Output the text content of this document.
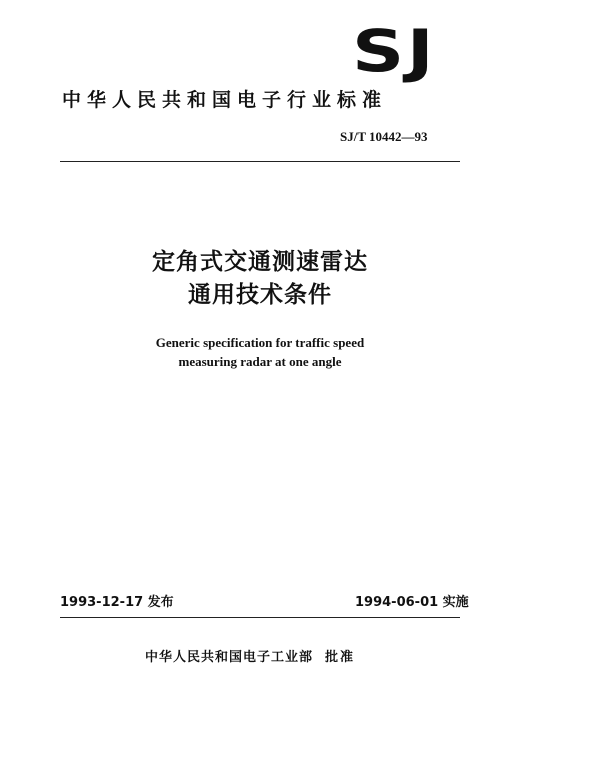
SJ
中华人民共和国电子行业标准
SJ/T 10442—93
定角式交通测速雷达
通用技术条件
Generic specification for traffic speed
measuring radar at one angle
1993-12-17 发布	1994-06-01 实施
中华人民共和国电子工业部 批准
